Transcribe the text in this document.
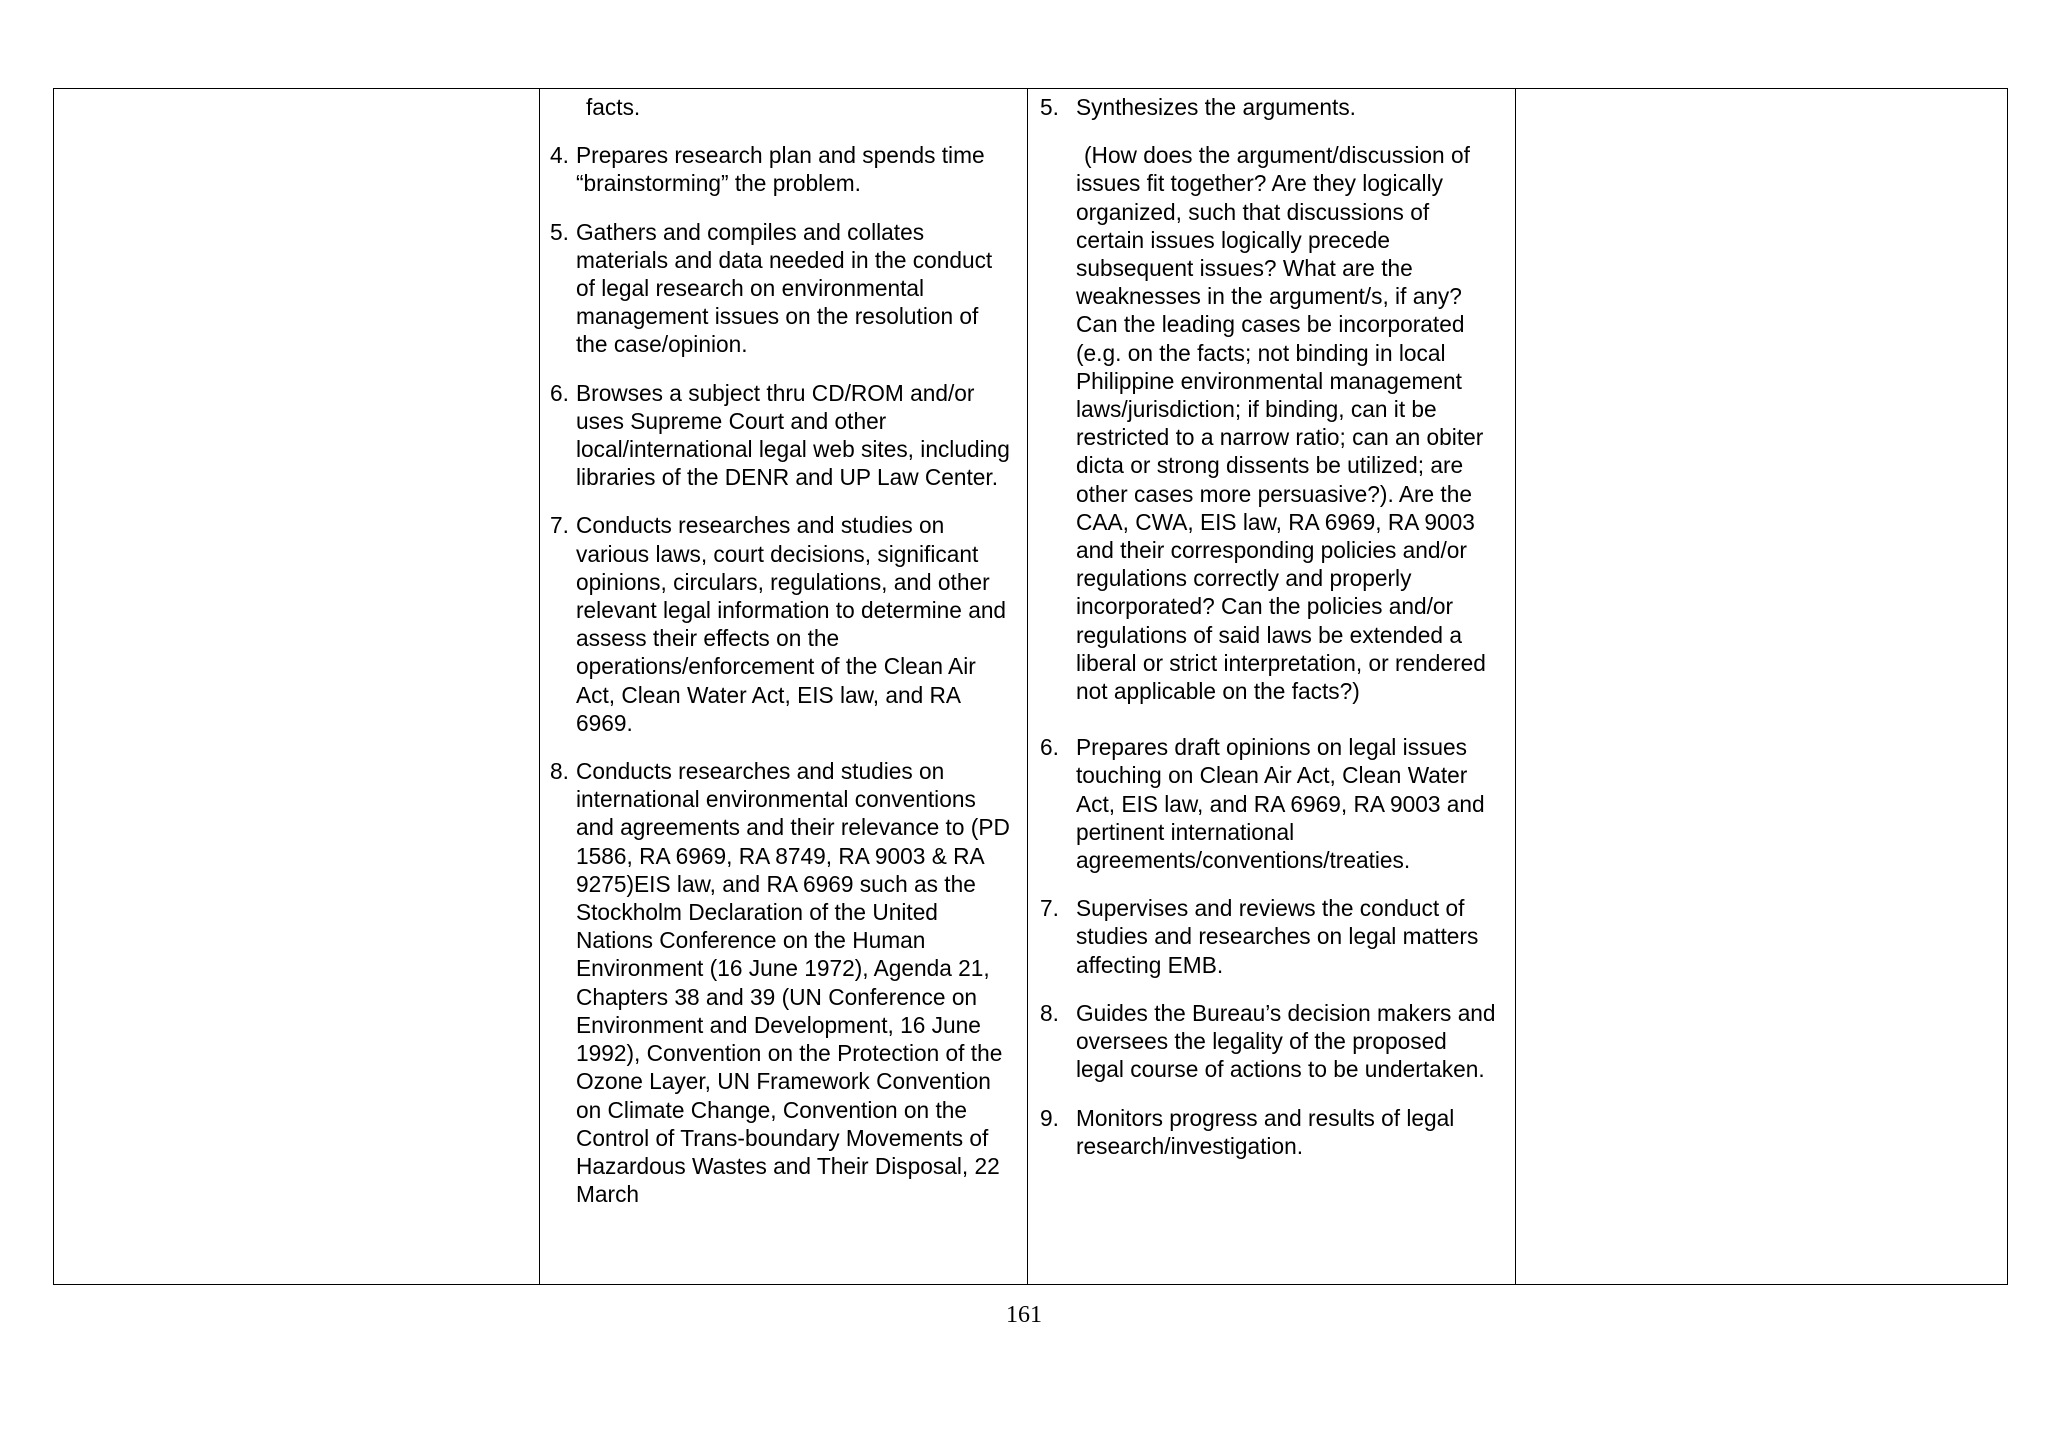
facts.
4. Prepares research plan and spends time “brainstorming” the problem.
5. Gathers and compiles and collates materials and data needed in the conduct of legal research on environmental management issues on the resolution of the case/opinion.
6. Browses a subject thru CD/ROM and/or uses Supreme Court and other local/international legal web sites, including libraries of the DENR and UP Law Center.
7. Conducts researches and studies on various laws, court decisions, significant opinions, circulars, regulations, and other relevant legal information to determine and assess their effects on the operations/enforcement of the Clean Air Act, Clean Water Act, EIS law, and RA 6969.
8. Conducts researches and studies on international environmental conventions and agreements and their relevance to (PD 1586, RA 6969, RA 8749, RA 9003 & RA 9275)EIS law, and RA 6969 such as the Stockholm Declaration of the United Nations Conference on the Human Environment (16 June 1972), Agenda 21, Chapters 38 and 39 (UN Conference on Environment and Development, 16 June 1992), Convention on the Protection of the Ozone Layer, UN Framework Convention on Climate Change, Convention on the Control of Trans-boundary Movements of Hazardous Wastes and Their Disposal, 22 March
5. Synthesizes the arguments.
(How does the argument/discussion of issues fit together? Are they logically organized, such that discussions of certain issues logically precede subsequent issues? What are the weaknesses in the argument/s, if any? Can the leading cases be incorporated (e.g. on the facts; not binding in local Philippine environmental management laws/jurisdiction; if binding, can it be restricted to a narrow ratio; can an obiter dicta or strong dissents be utilized; are other cases more persuasive?). Are the CAA, CWA, EIS law, RA 6969, RA 9003 and their corresponding policies and/or regulations correctly and properly incorporated? Can the policies and/or regulations of said laws be extended a liberal or strict interpretation, or rendered not applicable on the facts?)
6. Prepares draft opinions on legal issues touching on Clean Air Act, Clean Water Act, EIS law, and RA 6969, RA 9003 and pertinent international agreements/conventions/treaties.
7. Supervises and reviews the conduct of studies and researches on legal matters affecting EMB.
8. Guides the Bureau’s decision makers and oversees the legality of the proposed legal course of actions to be undertaken.
9. Monitors progress and results of legal research/investigation.
161
